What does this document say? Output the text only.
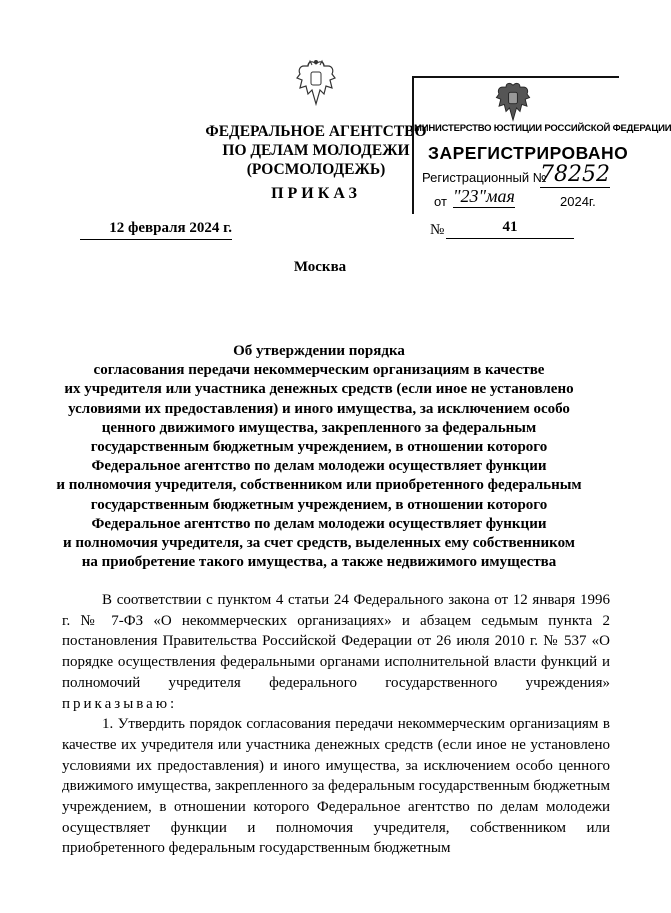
ФЕДЕРАЛЬНОЕ АГЕНТСТВО
ПО ДЕЛАМ МОЛОДЕЖИ
(РОСМОЛОДЕЖЬ)
ПРИКАЗ
МИНИСТЕРСТВО ЮСТИЦИИ РОССИЙСКОЙ ФЕДЕРАЦИИ
ЗАРЕГИСТРИРОВАНО
Регистрационный №
78252
от "23" мая	2024г.
12 февраля 2024 г.	№	41
Москва
Об утверждении порядка
согласования передачи некоммерческим организациям в качестве
их учредителя или участника денежных средств (если иное не установлено
условиями их предоставления) и иного имущества, за исключением особо
ценного движимого имущества, закрепленного за федеральным
государственным бюджетным учреждением, в отношении которого
Федеральное агентство по делам молодежи осуществляет функции
и полномочия учредителя, собственником или приобретенного федеральным
государственным бюджетным учреждением, в отношении которого
Федеральное агентство по делам молодежи осуществляет функции
и полномочия учредителя, за счет средств, выделенных ему собственником
на приобретение такого имущества, а также недвижимого имущества

В соответствии с пунктом 4 статьи 24 Федерального закона от 12 января 1996 г. № 7-ФЗ «О некоммерческих организациях» и абзацем седьмым пункта 2 постановления Правительства Российской Федерации от 26 июля 2010 г. № 537 «О порядке осуществления федеральными органами исполнительной власти функций и полномочий учредителя федерального государственного учреждения» приказываю:

1. Утвердить порядок согласования передачи некоммерческим организациям в качестве их учредителя или участника денежных средств (если иное не установлено условиями их предоставления) и иного имущества, за исключением особо ценного движимого имущества, закрепленного за федеральным государственным бюджетным учреждением, в отношении которого Федеральное агентство по делам молодежи осуществляет функции и полномочия учредителя, собственником или приобретенного федеральным государственным бюджетным
